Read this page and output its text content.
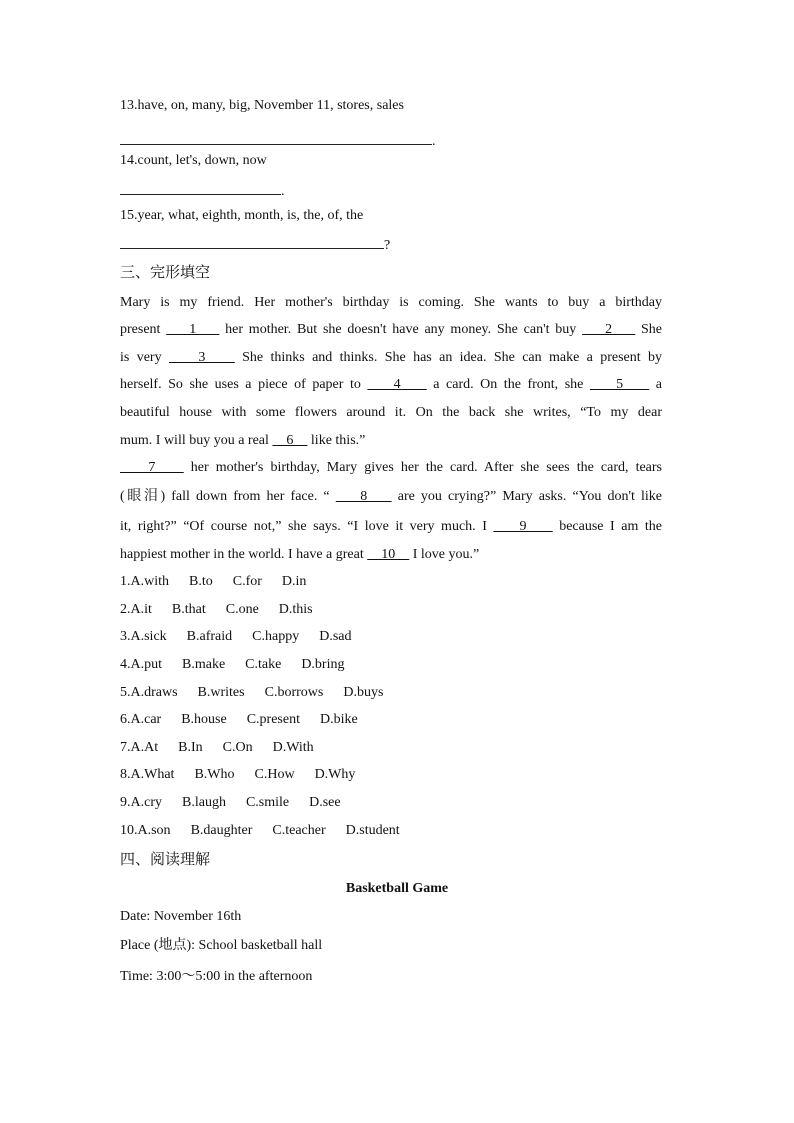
13.have, on, many, big, November 11, stores, sales
.
14.count, let's, down, now
.
15.year, what, eighth, month, is, the, of, the
?
三、完形填空
Mary is my friend. Her mother's birthday is coming. She wants to buy a birthday
present     1     her mother. But she doesn't have any money. She can't buy     2     She
is very     3     She thinks and thinks. She has an idea. She can make a present by
herself. So she uses a piece of paper to     4     a card. On the front, she     5     a
beautiful house with some flowers around it. On the back she writes, “To my dear
mum. I will buy you a real     6     like this.”
7     her mother's birthday, Mary gives her the card. After she sees the card, tears
(眼泪) fall down from her face. “     8     are you crying?” Mary asks. “You don't like
it, right?” “Of course not,” she says. “I love it very much. I     9     because I am the
happiest mother in the world. I have a great     10     I love you.”
1.A.with B.to C.for D.in
2.A.it B.that C.one D.this
3.A.sick B.afraid C.happy D.sad
4.A.put B.make C.take D.bring
5.A.draws B.writes C.borrows D.buys
6.A.car B.house C.present D.bike
7.A.At B.In C.On D.With
8.A.What B.Who C.How D.Why
9.A.cry B.laugh C.smile D.see
10.A.son B.daughter C.teacher D.student
四、阅读理解
Basketball Game
Date: November 16th
Place (地点): School basketball hall
Time: 3:00～5:00 in the afternoon
